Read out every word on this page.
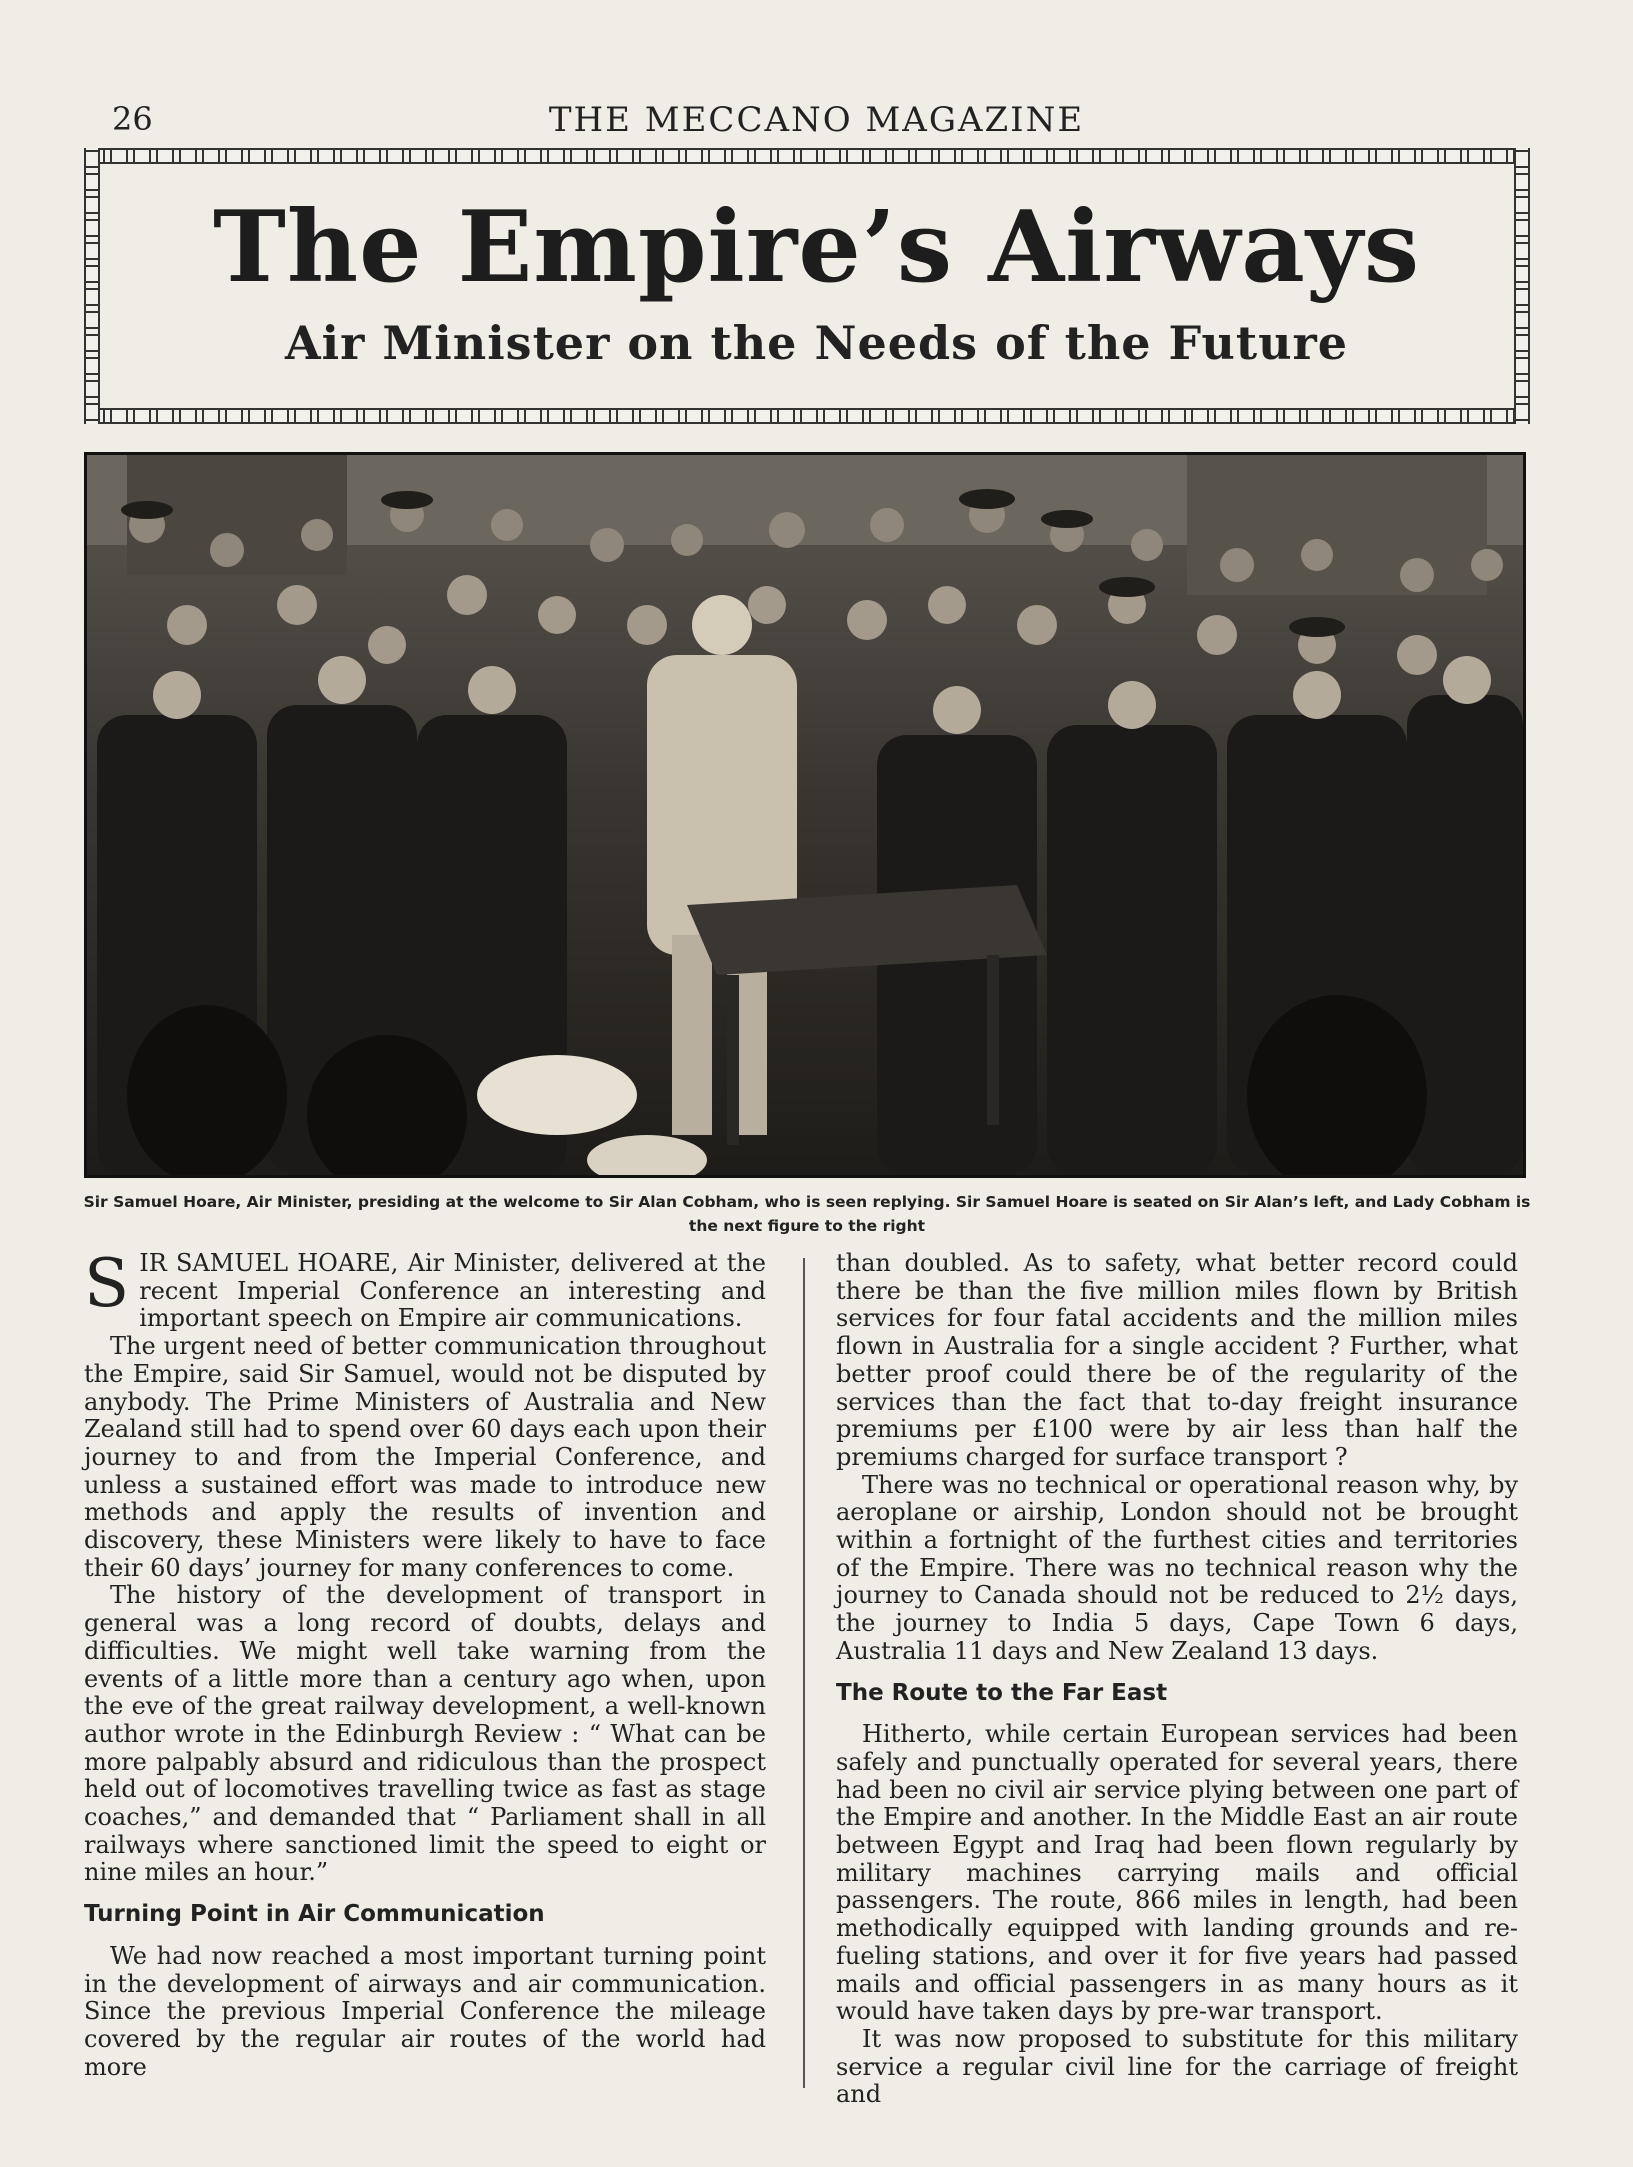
26	THE MECCANO MAGAZINE
The Empire’s Airways
Air Minister on the Needs of the Future
Sir Samuel Hoare, Air Minister, presiding at the welcome to Sir Alan Cobham, who is seen replying. Sir Samuel Hoare is seated on Sir Alan’s left, and Lady Cobham is
the next figure to the right

SIR SAMUEL HOARE, Air Minister, delivered at the recent Imperial Conference an interesting and important speech on Empire air communications.

The urgent need of better communication throughout the Empire, said Sir Samuel, would not be disputed by anybody. The Prime Ministers of Australia and New Zealand still had to spend over 60 days each upon their journey to and from the Imperial Conference, and unless a sustained effort was made to introduce new methods and apply the results of invention and discovery, these Ministers were likely to have to face their 60 days’ journey for many conferences to come.

The history of the development of transport in general was a long record of doubts, delays and difficulties. We might well take warning from the events of a little more than a century ago when, upon the eve of the great railway development, a well-known author wrote in the Edinburgh Review : “ What can be more palpably absurd and ridiculous than the prospect held out of locomotives travelling twice as fast as stage coaches,” and demanded that “ Parliament shall in all railways where sanctioned limit the speed to eight or nine miles an hour.”

Turning Point in Air Communication

We had now reached a most important turning point in the development of airways and air communication. Since the previous Imperial Conference the mileage covered by the regular air routes of the world had more

than doubled. As to safety, what better record could there be than the five million miles flown by British services for four fatal accidents and the million miles flown in Australia for a single accident ? Further, what better proof could there be of the regularity of the services than the fact that to-day freight insurance premiums per £100 were by air less than half the premiums charged for surface transport ?

There was no technical or operational reason why, by aeroplane or airship, London should not be brought within a fortnight of the furthest cities and territories of the Empire. There was no technical reason why the journey to Canada should not be reduced to 2½ days, the journey to India 5 days, Cape Town 6 days, Australia 11 days and New Zealand 13 days.

The Route to the Far East

Hitherto, while certain European services had been safely and punctually operated for several years, there had been no civil air service plying between one part of the Empire and another. In the Middle East an air route between Egypt and Iraq had been flown regularly by military machines carrying mails and official passengers. The route, 866 miles in length, had been methodically equipped with landing grounds and re-fueling stations, and over it for five years had passed mails and official passengers in as many hours as it would have taken days by pre-war transport.

It was now proposed to substitute for this military service a regular civil line for the carriage of freight and
